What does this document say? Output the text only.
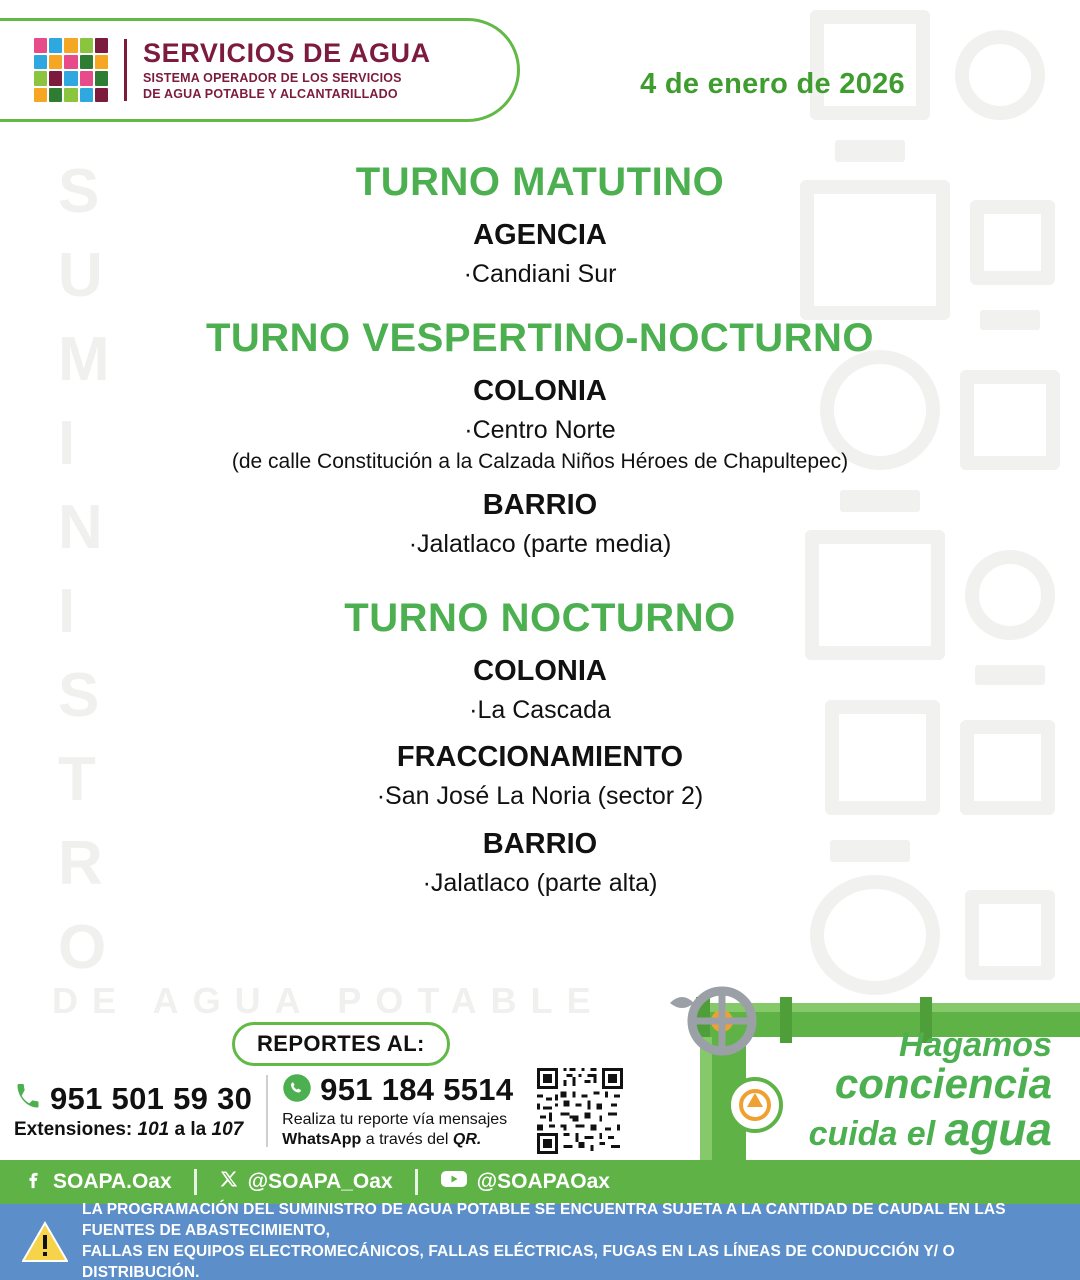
S
U
M
I
N
I
S
T
R
O
DE AGUA POTABLE
SERVICIOS DE AGUA
SISTEMA OPERADOR DE LOS SERVICIOS
DE AGUA POTABLE Y ALCANTARILLADO	4 de enero de 2026
TURNO MATUTINO
AGENCIA
·Candiani Sur
TURNO VESPERTINO-NOCTURNO
COLONIA
·Centro Norte
(de calle Constitución a la Calzada Niños Héroes de Chapultepec)
BARRIO
·Jalatlaco (parte media)
TURNO NOCTURNO
COLONIA
·La Cascada
FRACCIONAMIENTO
·San José La Noria (sector 2)
BARRIO
·Jalatlaco (parte alta)
REPORTES AL:
951 501 59 30
Extensiones: 101 a la 107
951 184 5514
Realiza tu reporte vía mensajes
WhatsApp a través del QR.
Hagamos
conciencia
cuida el agua
SOAPA.Oax	@SOAPA_Oax	@SOAPAOax
LA PROGRAMACIÓN DEL SUMINISTRO DE AGUA POTABLE SE ENCUENTRA SUJETA A LA CANTIDAD DE CAUDAL EN LAS FUENTES DE ABASTECIMIENTO,
FALLAS EN EQUIPOS ELECTROMECÁNICOS, FALLAS ELÉCTRICAS, FUGAS EN LAS LÍNEAS DE CONDUCCIÓN Y/ O DISTRIBUCIÓN.
